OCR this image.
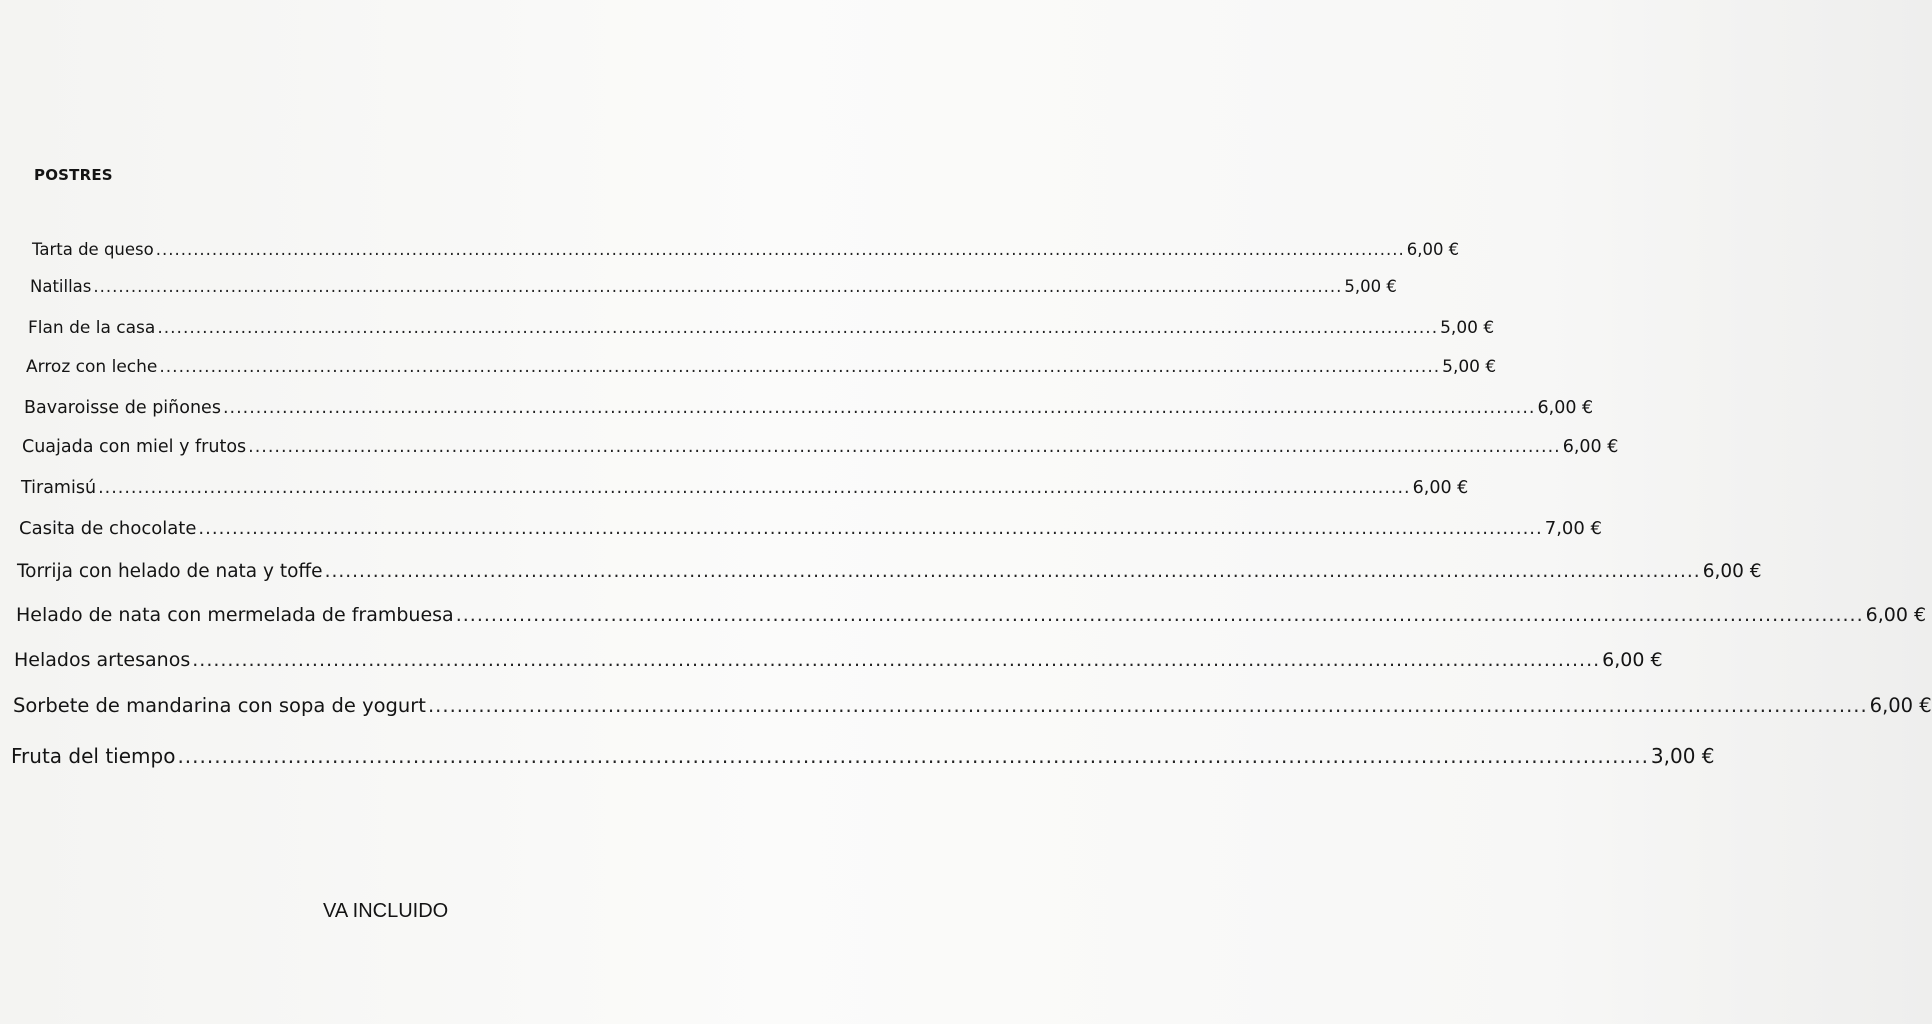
POSTRES
Tarta de queso ........................................................................................................................................................................................................ 6,00 €
Natillas ........................................................................................................................................................................................................ 5,00 €
Flan de la casa ........................................................................................................................................................................................................ 5,00 €
Arroz con leche ........................................................................................................................................................................................................ 5,00 €
Bavaroisse de piñones ........................................................................................................................................................................................................ 6,00 €
Cuajada con miel y frutos ........................................................................................................................................................................................................ 6,00 €
Tiramisú ........................................................................................................................................................................................................ 6,00 €
Casita de chocolate ........................................................................................................................................................................................................ 7,00 €
Torrija con helado de nata y toffe ........................................................................................................................................................................................................ 6,00 €
Helado de nata con mermelada de frambuesa ........................................................................................................................................................................................................ 6,00 €
Helados artesanos ........................................................................................................................................................................................................ 6,00 €
Sorbete de mandarina con sopa de yogurt ........................................................................................................................................................................................................ 6,00 €
Fruta del tiempo ........................................................................................................................................................................................................ 3,00 €
VA INCLUIDO
